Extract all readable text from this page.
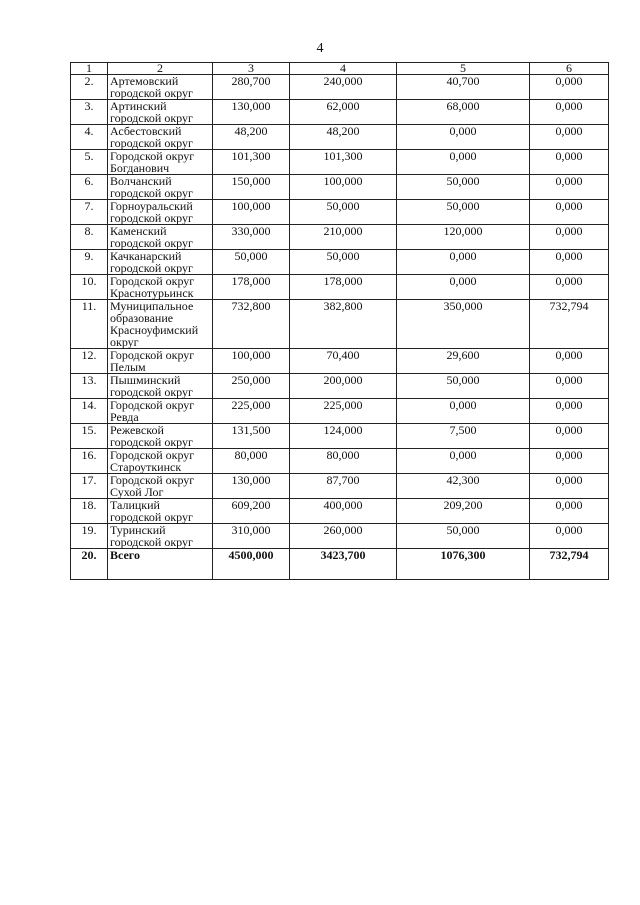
4
1	2	3	4	5	6
2.	Артемовский городской округ	280,700	240,000	40,700	0,000
3.	Артинский городской округ	130,000	62,000	68,000	0,000
4.	Асбестовский городской округ	48,200	48,200	0,000	0,000
5.	Городской округ Богданович	101,300	101,300	0,000	0,000
6.	Волчанский городской округ	150,000	100,000	50,000	0,000
7.	Горноуральский городской округ	100,000	50,000	50,000	0,000
8.	Каменский городской округ	330,000	210,000	120,000	0,000
9.	Качканарский городской округ	50,000	50,000	0,000	0,000
10.	Городской округ Краснотурьинск	178,000	178,000	0,000	0,000
11.	Муниципальное образование Красноуфимский округ	732,800	382,800	350,000	732,794
12.	Городской округ Пелым	100,000	70,400	29,600	0,000
13.	Пышминский городской округ	250,000	200,000	50,000	0,000
14.	Городской округ Ревда	225,000	225,000	0,000	0,000
15.	Режевской городской округ	131,500	124,000	7,500	0,000
16.	Городской округ Староуткинск	80,000	80,000	0,000	0,000
17.	Городской округ Сухой Лог	130,000	87,700	42,300	0,000
18.	Талицкий городской округ	609,200	400,000	209,200	0,000
19.	Туринский городской округ	310,000	260,000	50,000	0,000
20.	Всего	4500,000	3423,700	1076,300	732,794
